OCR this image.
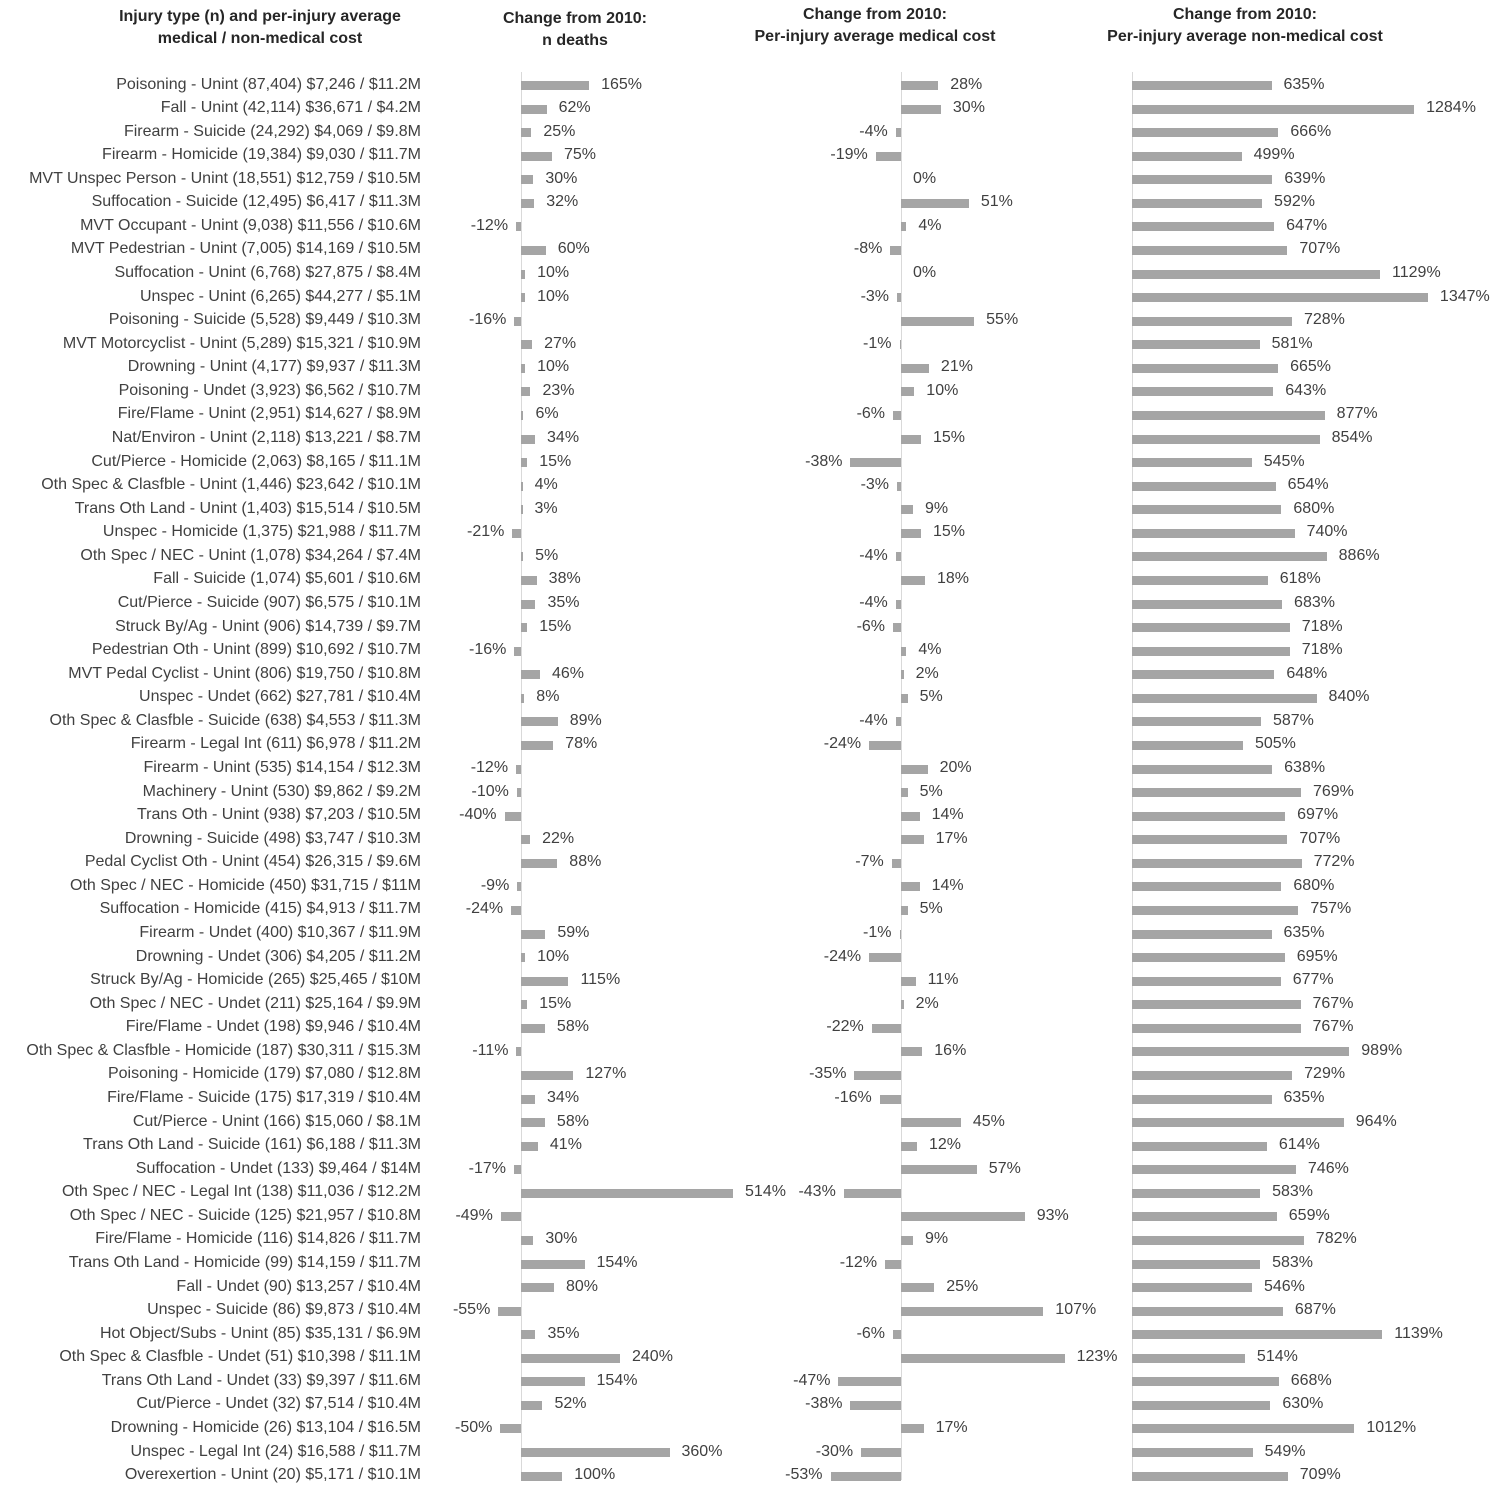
Injury type (n) and per-injury average
medical / non-medical cost
Change from 2010:
n deaths
Change from 2010:
Per-injury average medical cost
Change from 2010:
Per-injury average non-medical cost
Poisoning - Unint (87,404) $7,246 / $11.2M	165%	28%	635%
Fall - Unint (42,114) $36,671 / $4.2M	62%	30%	1284%
Firearm - Suicide (24,292) $4,069 / $9.8M	25%	-4%	666%
Firearm - Homicide (19,384) $9,030 / $11.7M	75%	-19%	499%
MVT Unspec Person - Unint (18,551) $12,759 / $10.5M	30%	0%	639%
Suffocation - Suicide (12,495) $6,417 / $11.3M	32%	51%	592%
MVT Occupant - Unint (9,038) $11,556 / $10.6M	-12%	4%	647%
MVT Pedestrian - Unint (7,005) $14,169 / $10.5M	60%	-8%	707%
Suffocation - Unint (6,768) $27,875 / $8.4M	10%	0%	1129%
Unspec - Unint (6,265) $44,277 / $5.1M	10%	-3%	1347%
Poisoning - Suicide (5,528) $9,449 / $10.3M	-16%	55%	728%
MVT Motorcyclist - Unint (5,289) $15,321 / $10.9M	27%	-1%	581%
Drowning - Unint (4,177) $9,937 / $11.3M	10%	21%	665%
Poisoning - Undet (3,923) $6,562 / $10.7M	23%	10%	643%
Fire/Flame - Unint (2,951) $14,627 / $8.9M	6%	-6%	877%
Nat/Environ - Unint (2,118) $13,221 / $8.7M	34%	15%	854%
Cut/Pierce - Homicide (2,063) $8,165 / $11.1M	15%	-38%	545%
Oth Spec & Clasfble - Unint (1,446) $23,642 / $10.1M	4%	-3%	654%
Trans Oth Land - Unint (1,403) $15,514 / $10.5M	3%	9%	680%
Unspec - Homicide (1,375) $21,988 / $11.7M	-21%	15%	740%
Oth Spec / NEC - Unint (1,078) $34,264 / $7.4M	5%	-4%	886%
Fall - Suicide (1,074) $5,601 / $10.6M	38%	18%	618%
Cut/Pierce - Suicide (907) $6,575 / $10.1M	35%	-4%	683%
Struck By/Ag - Unint (906) $14,739 / $9.7M	15%	-6%	718%
Pedestrian Oth - Unint (899) $10,692 / $10.7M	-16%	4%	718%
MVT Pedal Cyclist - Unint (806) $19,750 / $10.8M	46%	2%	648%
Unspec - Undet (662) $27,781 / $10.4M	8%	5%	840%
Oth Spec & Clasfble - Suicide (638) $4,553 / $11.3M	89%	-4%	587%
Firearm - Legal Int (611) $6,978 / $11.2M	78%	-24%	505%
Firearm - Unint (535) $14,154 / $12.3M	-12%	20%	638%
Machinery - Unint (530) $9,862 / $9.2M	-10%	5%	769%
Trans Oth - Unint (938) $7,203 / $10.5M -40%	14%	697%
Drowning - Suicide (498) $3,747 / $10.3M	22%	17%	707%
Pedal Cyclist Oth - Unint (454) $26,315 / $9.6M	88%	-7%	772%
Oth Spec / NEC - Homicide (450) $31,715 / $11M	-9%	14%	680%
Suffocation - Homicide (415) $4,913 / $11.7M	-24%	5%	757%
Firearm - Undet (400) $10,367 / $11.9M	59%	-1%	635%
Drowning - Undet (306) $4,205 / $11.2M	10%	-24%	695%
Struck By/Ag - Homicide (265) $25,465 / $10M	115%	11%	677%
Oth Spec / NEC - Undet (211) $25,164 / $9.9M	15%	2%	767%
Fire/Flame - Undet (198) $9,946 / $10.4M	58%	-22%	767%
Oth Spec & Clasfble - Homicide (187) $30,311 / $15.3M	-11%	16%	989%
Poisoning - Homicide (179) $7,080 / $12.8M	127%	-35%	729%
Fire/Flame - Suicide (175) $17,319 / $10.4M	34%	-16%	635%
Cut/Pierce - Unint (166) $15,060 / $8.1M	58%	45%	964%
Trans Oth Land - Suicide (161) $6,188 / $11.3M	41%	12%	614%
Suffocation - Undet (133) $9,464 / $14M	-17%	57%	746%
Oth Spec / NEC - Legal Int (138) $11,036 / $12.2M	514% -43%	583%
Oth Spec / NEC - Suicide (125) $21,957 / $10.8M -49%	93%	659%
Fire/Flame - Homicide (116) $14,826 / $11.7M	30%	9%	782%
Trans Oth Land - Homicide (99) $14,159 / $11.7M	154%	-12%	583%
Fall - Undet (90) $13,257 / $10.4M	80%	25%	546%
Unspec - Suicide (86) $9,873 / $10.4M -55%	107%	687%
Hot Object/Subs - Unint (85) $35,131 / $6.9M	35%	-6%	1139%
Oth Spec & Clasfble - Undet (51) $10,398 / $11.1M	240%	123%	514%
Trans Oth Land - Undet (33) $9,397 / $11.6M	154%	-47%	668%
Cut/Pierce - Undet (32) $7,514 / $10.4M	52%	-38%	630%
Drowning - Homicide (26) $13,104 / $16.5M -50%	17%	1012%
Unspec - Legal Int (24) $16,588 / $11.7M	360%	-30%	549%
Overexertion - Unint (20) $5,171 / $10.1M	100%	-53%	709%
